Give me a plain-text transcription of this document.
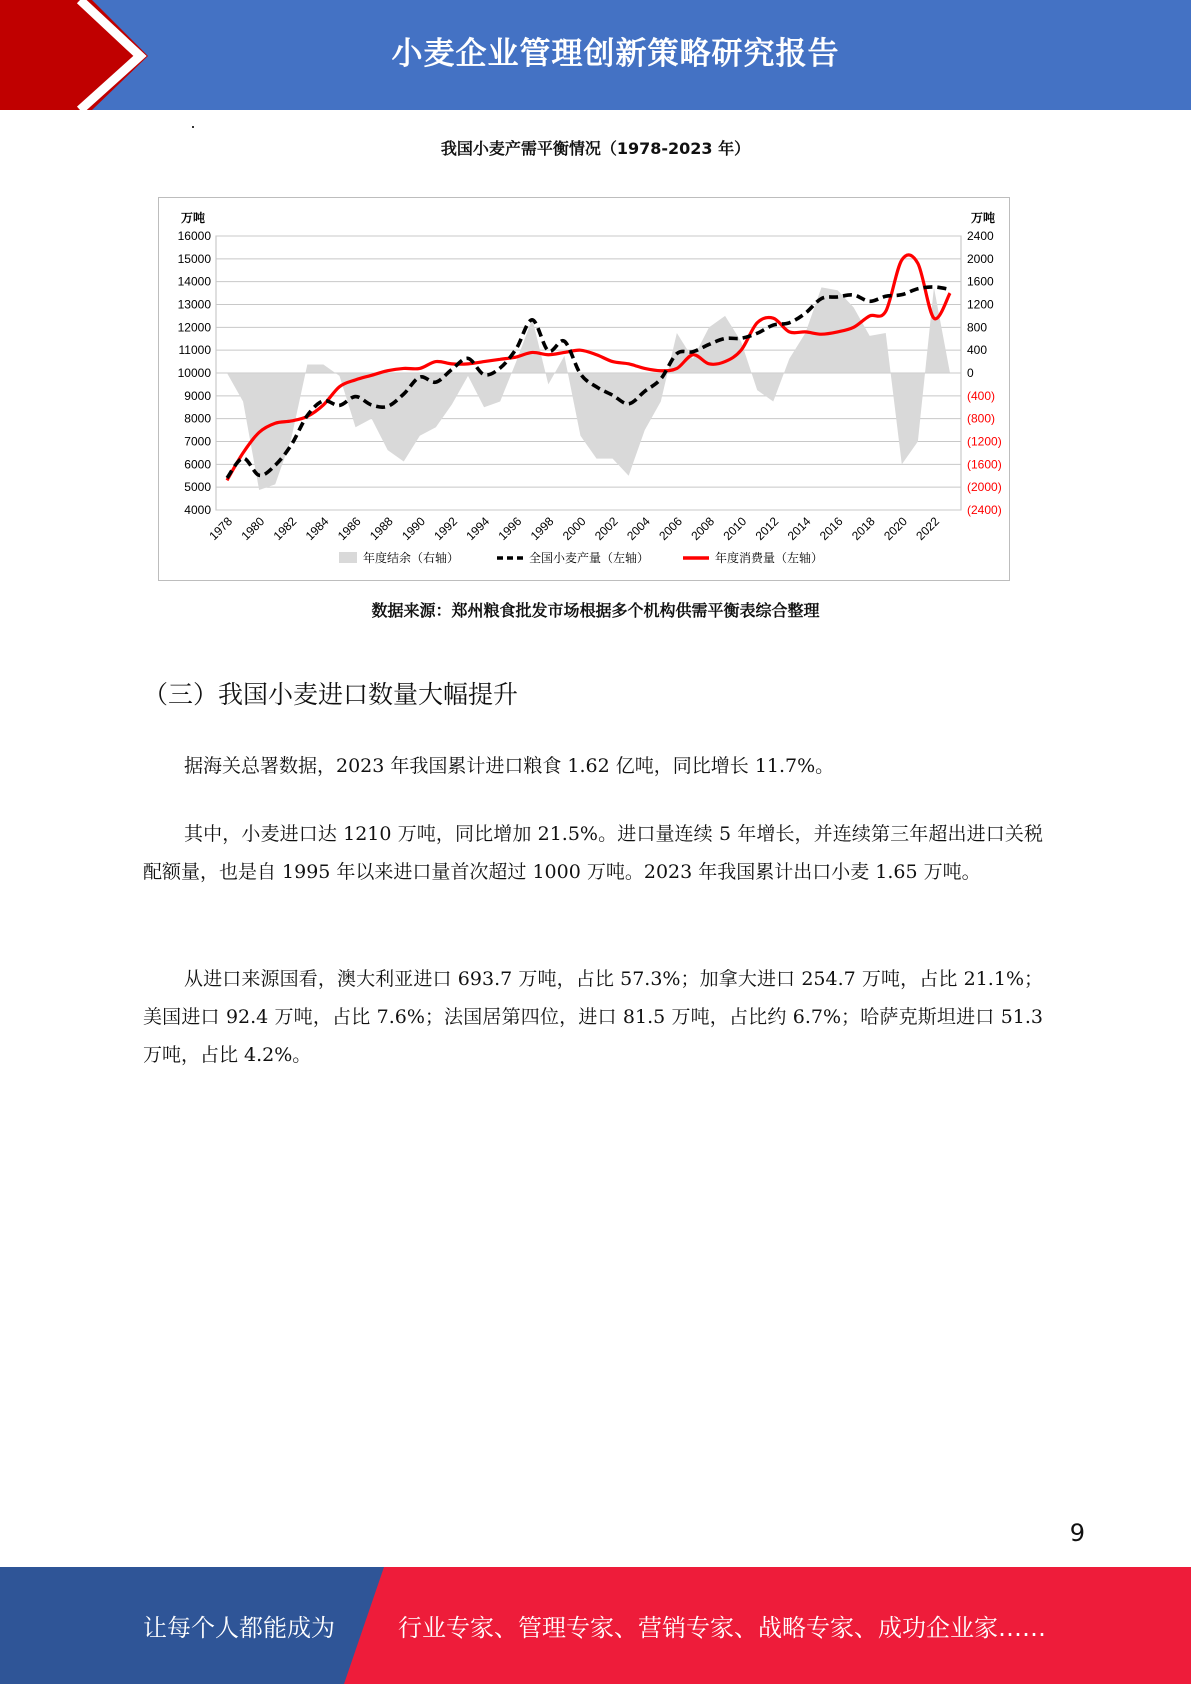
小麦企业管理创新策略研究报告
我国小麦产需平衡情况（1978-2023 年）
4000
5000
6000
7000
8000
9000
10000
11000
12000
13000
14000
15000
16000
(2400)
(2000)
(1600)
(1200)
(800)
(400)
0
400
800
1200
1600
2000
2400
万吨	万吨
1978 1980 1982 1984 1986 1988 1990 1992 1994 1996 1998 2000 2002 2004 2006 2008 2010 2012 2014 2016 2018 2020 2022
年度结余（右轴）	全国小麦产量（左轴）	年度消费量（左轴）
数据来源：郑州粮食批发市场根据多个机构供需平衡表综合整理
（三）我国小麦进口数量大幅提升
据海关总署数据，2023 年我国累计进口粮食 1.62 亿吨，同比增长 11.7%。
其中，小麦进口达 1210 万吨，同比增加 21.5%。进口量连续 5 年增长，并连续第三年超出进口关税配额量，也是自 1995 年以来进口量首次超过 1000 万吨。2023 年我国累计出口小麦 1.65 万吨。
从进口来源国看，澳大利亚进口 693.7 万吨，占比 57.3%；加拿大进口 254.7 万吨，占比 21.1%；美国进口 92.4 万吨，占比 7.6%；法国居第四位，进口 81.5 万吨，占比约 6.7%；哈萨克斯坦进口 51.3 万吨，占比 4.2%。
9
让每个人都能成为	行业专家、管理专家、营销专家、战略专家、成功企业家……
